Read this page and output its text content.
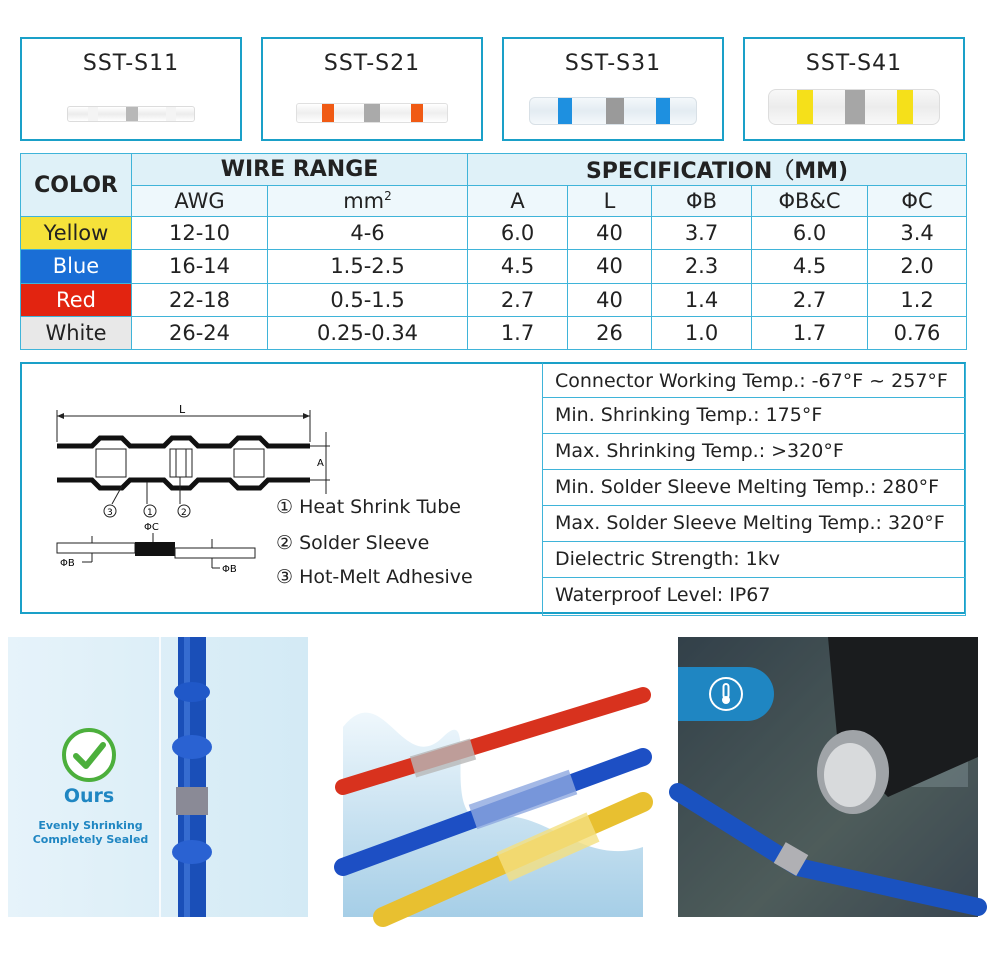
SST-S11	SST-S21	SST-S31	SST-S41
COLOR	WIRE RANGE		SPECIFICATION（MM)				
	AWG	$mm^2$	A	L	ΦB	ΦB&C	ΦC
Yellow	12-10	4-6	6.0	40	3.7	6.0	3.4
Blue	16-14	1.5-2.5	4.5	40	2.3	4.5	2.0
Red	22-18	0.5-1.5	2.7	40	1.4	2.7	1.2
White	26-24	0.25-0.34	1.7	26	1.0	1.7	0.76
L
A
3	1	2
ΦC
ΦB
ΦB
① Heat Shrink Tube
② Solder Sleeve
③ Hot-Melt Adhesive
Connector Working Temp.: -67°F ~ 257°F
Min. Shrinking Temp.: 175°F
Max. Shrinking Temp.: >320°F
Min. Solder Sleeve Melting Temp.: 280°F
Max. Solder Sleeve Melting Temp.: 320°F
Dielectric Strength: 1kv
Waterproof Level: IP67
Ours
Evenly Shrinking
Completely Sealed
